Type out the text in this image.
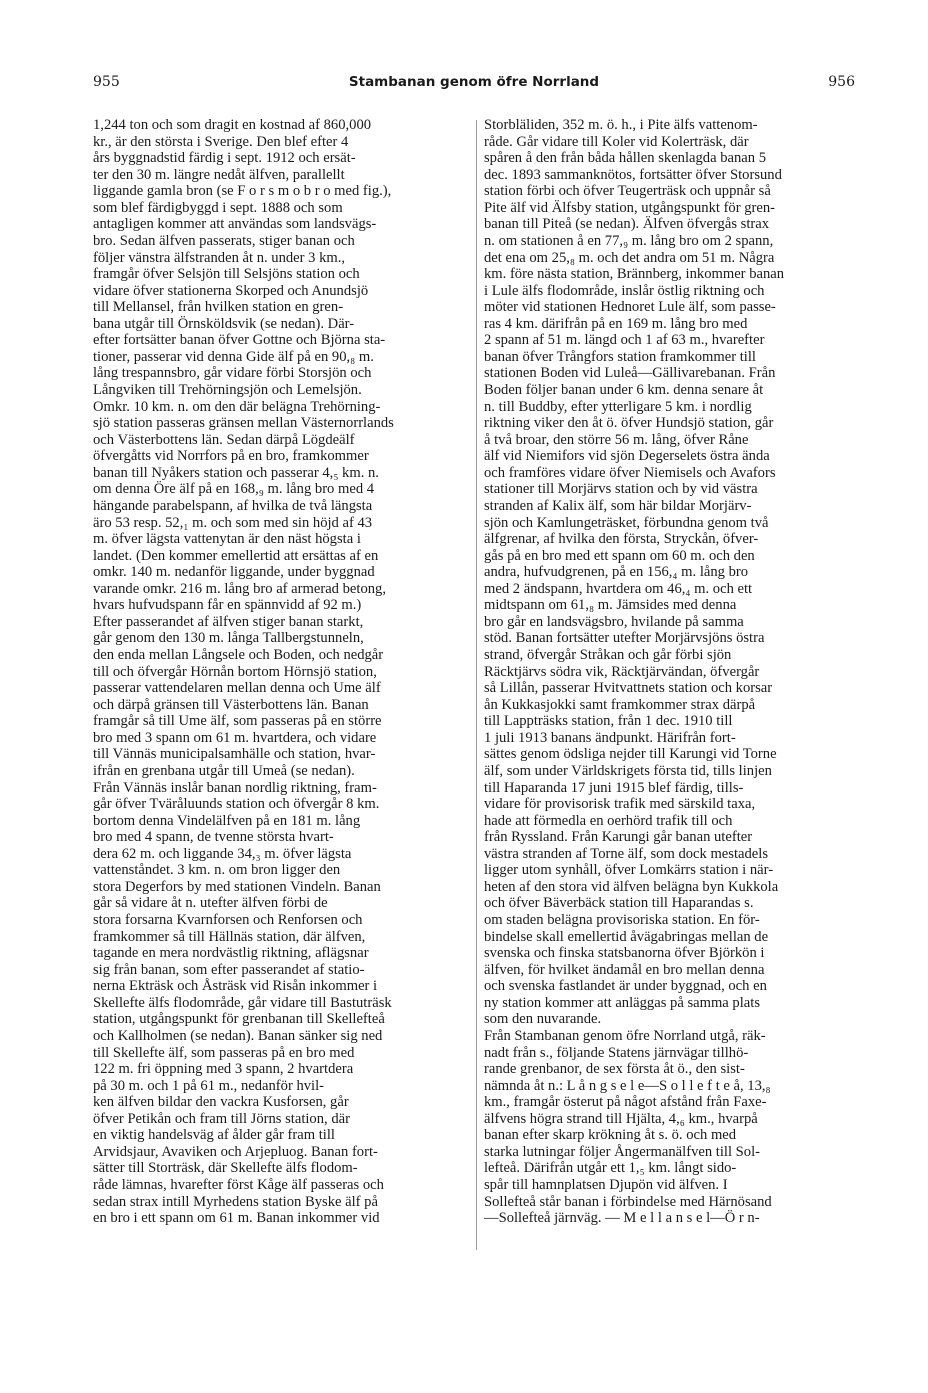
955	Stambanan genom öfre Norrland	956
1,244 ton och som dragit en kostnad af 860,000
kr., är den största i Sverige. Den blef efter 4
års byggnadstid färdig i sept. 1912 och ersät-
ter den 30 m. längre nedåt älfven, parallellt
liggande gamla bron (se F o r s m o b r o med fig.),
som blef färdigbyggd i sept. 1888 och som
antagligen kommer att användas som landsvägs-
bro. Sedan älfven passerats, stiger banan och
följer vänstra älfstranden åt n. under 3 km.,
framgår öfver Selsjön till Selsjöns station och
vidare öfver stationerna Skorped och Anundsjö
till Mellansel, från hvilken station en gren-
bana utgår till Örnsköldsvik (se nedan). Där-
efter fortsätter banan öfver Gottne och Björna sta-
tioner, passerar vid denna Gide älf på en 90,₈ m.
lång trespannsbro, går vidare förbi Storsjön och
Långviken till Trehörningsjön och Lemelsjön.
Omkr. 10 km. n. om den där belägna Trehörning-
sjö station passeras gränsen mellan Västernorrlands
och Västerbottens län. Sedan därpå Lögdeälf
öfvergåtts vid Norrfors på en bro, framkommer
banan till Nyåkers station och passerar 4,₅ km. n.
om denna Öre älf på en 168,₉ m. lång bro med 4
hängande parabelspann, af hvilka de två längsta
äro 53 resp. 52,₁ m. och som med sin höjd af 43
m. öfver lägsta vattenytan är den näst högsta i
landet. (Den kommer emellertid att ersättas af en
omkr. 140 m. nedanför liggande, under byggnad
varande omkr. 216 m. lång bro af armerad betong,
hvars hufvudspann får en spännvidd af 92 m.)
Efter passerandet af älfven stiger banan starkt,
går genom den 130 m. långa Tallbergstunneln,
den enda mellan Långsele och Boden, och nedgår
till och öfvergår Hörnån bortom Hörnsjö station,
passerar vattendelaren mellan denna och Ume älf
och därpå gränsen till Västerbottens län. Banan
framgår så till Ume älf, som passeras på en större
bro med 3 spann om 61 m. hvartdera, och vidare
till Vännäs municipalsamhälle och station, hvar-
ifrån en grenbana utgår till Umeå (se nedan).
Från Vännäs inslår banan nordlig riktning, fram-
går öfver Tväråluunds station och öfvergår 8 km.
bortom denna Vindelälfven på en 181 m. lång
bro med 4 spann, de tvenne största hvart-
dera 62 m. och liggande 34,₃ m. öfver lägsta
vattenståndet. 3 km. n. om bron ligger den
stora Degerfors by med stationen Vindeln. Banan
går så vidare åt n. utefter älfven förbi de
stora forsarna Kvarnforsen och Renforsen och
framkommer så till Hällnäs station, där älfven,
tagande en mera nordvästlig riktning, aflägsnar
sig från banan, som efter passerandet af statio-
nerna Ekträsk och Åsträsk vid Risån inkommer i
Skellefte älfs flodområde, går vidare till Bastuträsk
station, utgångspunkt för grenbanan till Skellefteå
och Kallholmen (se nedan). Banan sänker sig ned
till Skellefte älf, som passeras på en bro med
122 m. fri öppning med 3 spann, 2 hvartdera
på 30 m. och 1 på 61 m., nedanför hvil-
ken älfven bildar den vackra Kusforsen, går
öfver Petikån och fram till Jörns station, där
en viktig handelsväg af ålder går fram till
Arvidsjaur, Avaviken och Arjepluog. Banan fort-
sätter till Storträsk, där Skellefte älfs flodom-
råde lämnas, hvarefter först Kåge älf passeras och
sedan strax intill Myrhedens station Byske älf på
en bro i ett spann om 61 m. Banan inkommer vid
Storbläliden, 352 m. ö. h., i Pite älfs vattenom-
råde. Går vidare till Koler vid Kolerträsk, där
spåren å den från båda hållen skenlagda banan 5
dec. 1893 sammanknötos, fortsätter öfver Storsund
station förbi och öfver Teugerträsk och uppnår så
Pite älf vid Älfsby station, utgångspunkt för gren-
banan till Piteå (se nedan). Älfven öfvergås strax
n. om stationen å en 77,₉ m. lång bro om 2 spann,
det ena om 25,₈ m. och det andra om 51 m. Några
km. före nästa station, Brännberg, inkommer banan
i Lule älfs flodområde, inslår östlig riktning och
möter vid stationen Hednoret Lule älf, som passe-
ras 4 km. därifrån på en 169 m. lång bro med
2 spann af 51 m. längd och 1 af 63 m., hvarefter
banan öfver Trångfors station framkommer till
stationen Boden vid Luleå—Gällivarebanan. Från
Boden följer banan under 6 km. denna senare åt
n. till Buddby, efter ytterligare 5 km. i nordlig
riktning viker den åt ö. öfver Hundsjö station, går
å två broar, den större 56 m. lång, öfver Råne
älf vid Niemifors vid sjön Degerselets östra ända
och framföres vidare öfver Niemisels och Avafors
stationer till Morjärvs station och by vid västra
stranden af Kalix älf, som här bildar Morjärv-
sjön och Kamlungeträsket, förbundna genom två
älfgrenar, af hvilka den första, Stryckån, öfver-
gås på en bro med ett spann om 60 m. och den
andra, hufvudgrenen, på en 156,₄ m. lång bro
med 2 ändspann, hvartdera om 46,₄ m. och ett
midtspann om 61,₈ m. Jämsides med denna
bro går en landsvägsbro, hvilande på samma
stöd. Banan fortsätter utefter Morjärvsjöns östra
strand, öfvergår Stråkan och går förbi sjön
Räcktjärvs södra vik, Räcktjärvändan, öfvergår
så Lillån, passerar Hvitvattnets station och korsar
ån Kukkasjokki samt framkommer strax därpå
till Lappträsks station, från 1 dec. 1910 till
1 juli 1913 banans ändpunkt. Härifrån fort-
sättes genom ödsliga nejder till Karungi vid Torne
älf, som under Världskrigets första tid, tills linjen
till Haparanda 17 juni 1915 blef färdig, tills-
vidare för provisorisk trafik med särskild taxa,
hade att förmedla en oerhörd trafik till och
från Ryssland. Från Karungi går banan utefter
västra stranden af Torne älf, som dock mestadels
ligger utom synhåll, öfver Lomkärrs station i när-
heten af den stora vid älfven belägna byn Kukkola
och öfver Bäverbäck station till Haparandas s.
om staden belägna provisoriska station. En för-
bindelse skall emellertid åvägabringas mellan de
svenska och finska statsbanorna öfver Björkön i
älfven, för hvilket ändamål en bro mellan denna
och svenska fastlandet är under byggnad, och en
ny station kommer att anläggas på samma plats
som den nuvarande.
Från Stambanan genom öfre Norrland utgå, räk-
nadt från s., följande Statens järnvägar tillhö-
rande grenbanor, de sex första åt ö., den sist-
nämnda åt n.: L å n g s e l e—S o l l e f t e å, 13,₈
km., framgår österut på något afstånd från Faxe-
älfvens högra strand till Hjälta, 4,₆ km., hvarpå
banan efter skarp krökning åt s. ö. och med
starka lutningar följer Ångermanälfven till Sol-
lefteå. Därifrån utgår ett 1,₅ km. långt sido-
spår till hamnplatsen Djupön vid älfven. I
Sollefteå står banan i förbindelse med Härnösand
—Sollefteå järnväg. — M e l l a n s e l—Ö r n-
